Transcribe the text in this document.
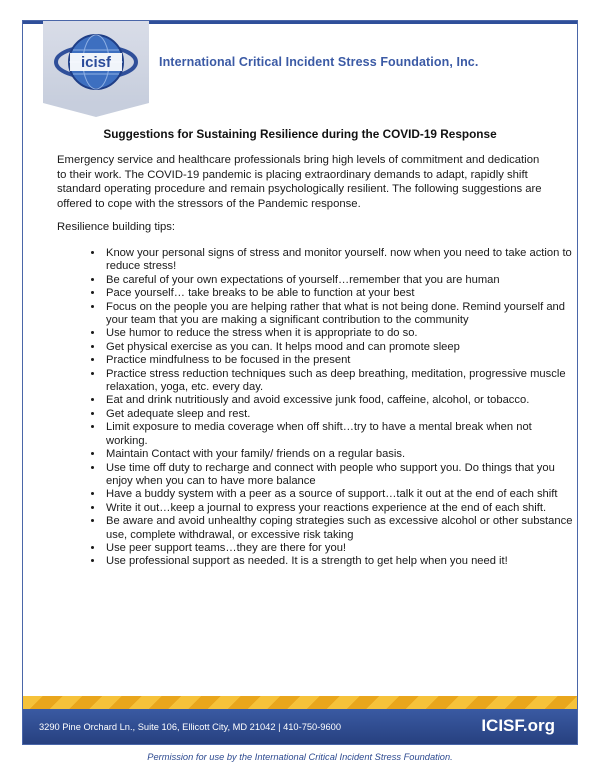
icisf	International Critical Incident Stress Foundation, Inc.
Suggestions for Sustaining Resilience during the COVID-19 Response

Emergency service and healthcare professionals bring high levels of commitment and dedication to their work. The COVID-19 pandemic is placing extraordinary demands to adapt, rapidly shift standard operating procedure and remain psychologically resilient. The following suggestions are offered to cope with the stressors of the Pandemic response.

Resilience building tips:
• Know your personal signs of stress and monitor yourself. now when you need to take action to reduce stress!
• Be careful of your own expectations of yourself…remember that you are human
• Pace yourself… take breaks to be able to function at your best
• Focus on the people you are helping rather that what is not being done. Remind yourself and your team that you are making a significant contribution to the community
• Use humor to reduce the stress when it is appropriate to do so.
• Get physical exercise as you can. It helps mood and can promote sleep
• Practice mindfulness to be focused in the present
• Practice stress reduction techniques such as deep breathing, meditation, progressive muscle relaxation, yoga, etc. every day.
• Eat and drink nutritiously and avoid excessive junk food, caffeine, alcohol, or tobacco.
• Get adequate sleep and rest.
• Limit exposure to media coverage when off shift…try to have a mental break when not working.
• Maintain Contact with your family/ friends on a regular basis.
• Use time off duty to recharge and connect with people who support you. Do things that you enjoy when you can to have more balance
• Have a buddy system with a peer as a source of support…talk it out at the end of each shift
• Write it out…keep a journal to express your reactions experience at the end of each shift.
• Be aware and avoid unhealthy coping strategies such as excessive alcohol or other substance use, complete withdrawal, or excessive risk taking
• Use peer support teams…they are there for you!
• Use professional support as needed. It is a strength to get help when you need it!
3290 Pine Orchard Ln., Suite 106, Ellicott City, MD 21042 | 410-750-9600	ICISF.org
Permission for use by the International Critical Incident Stress Foundation.
